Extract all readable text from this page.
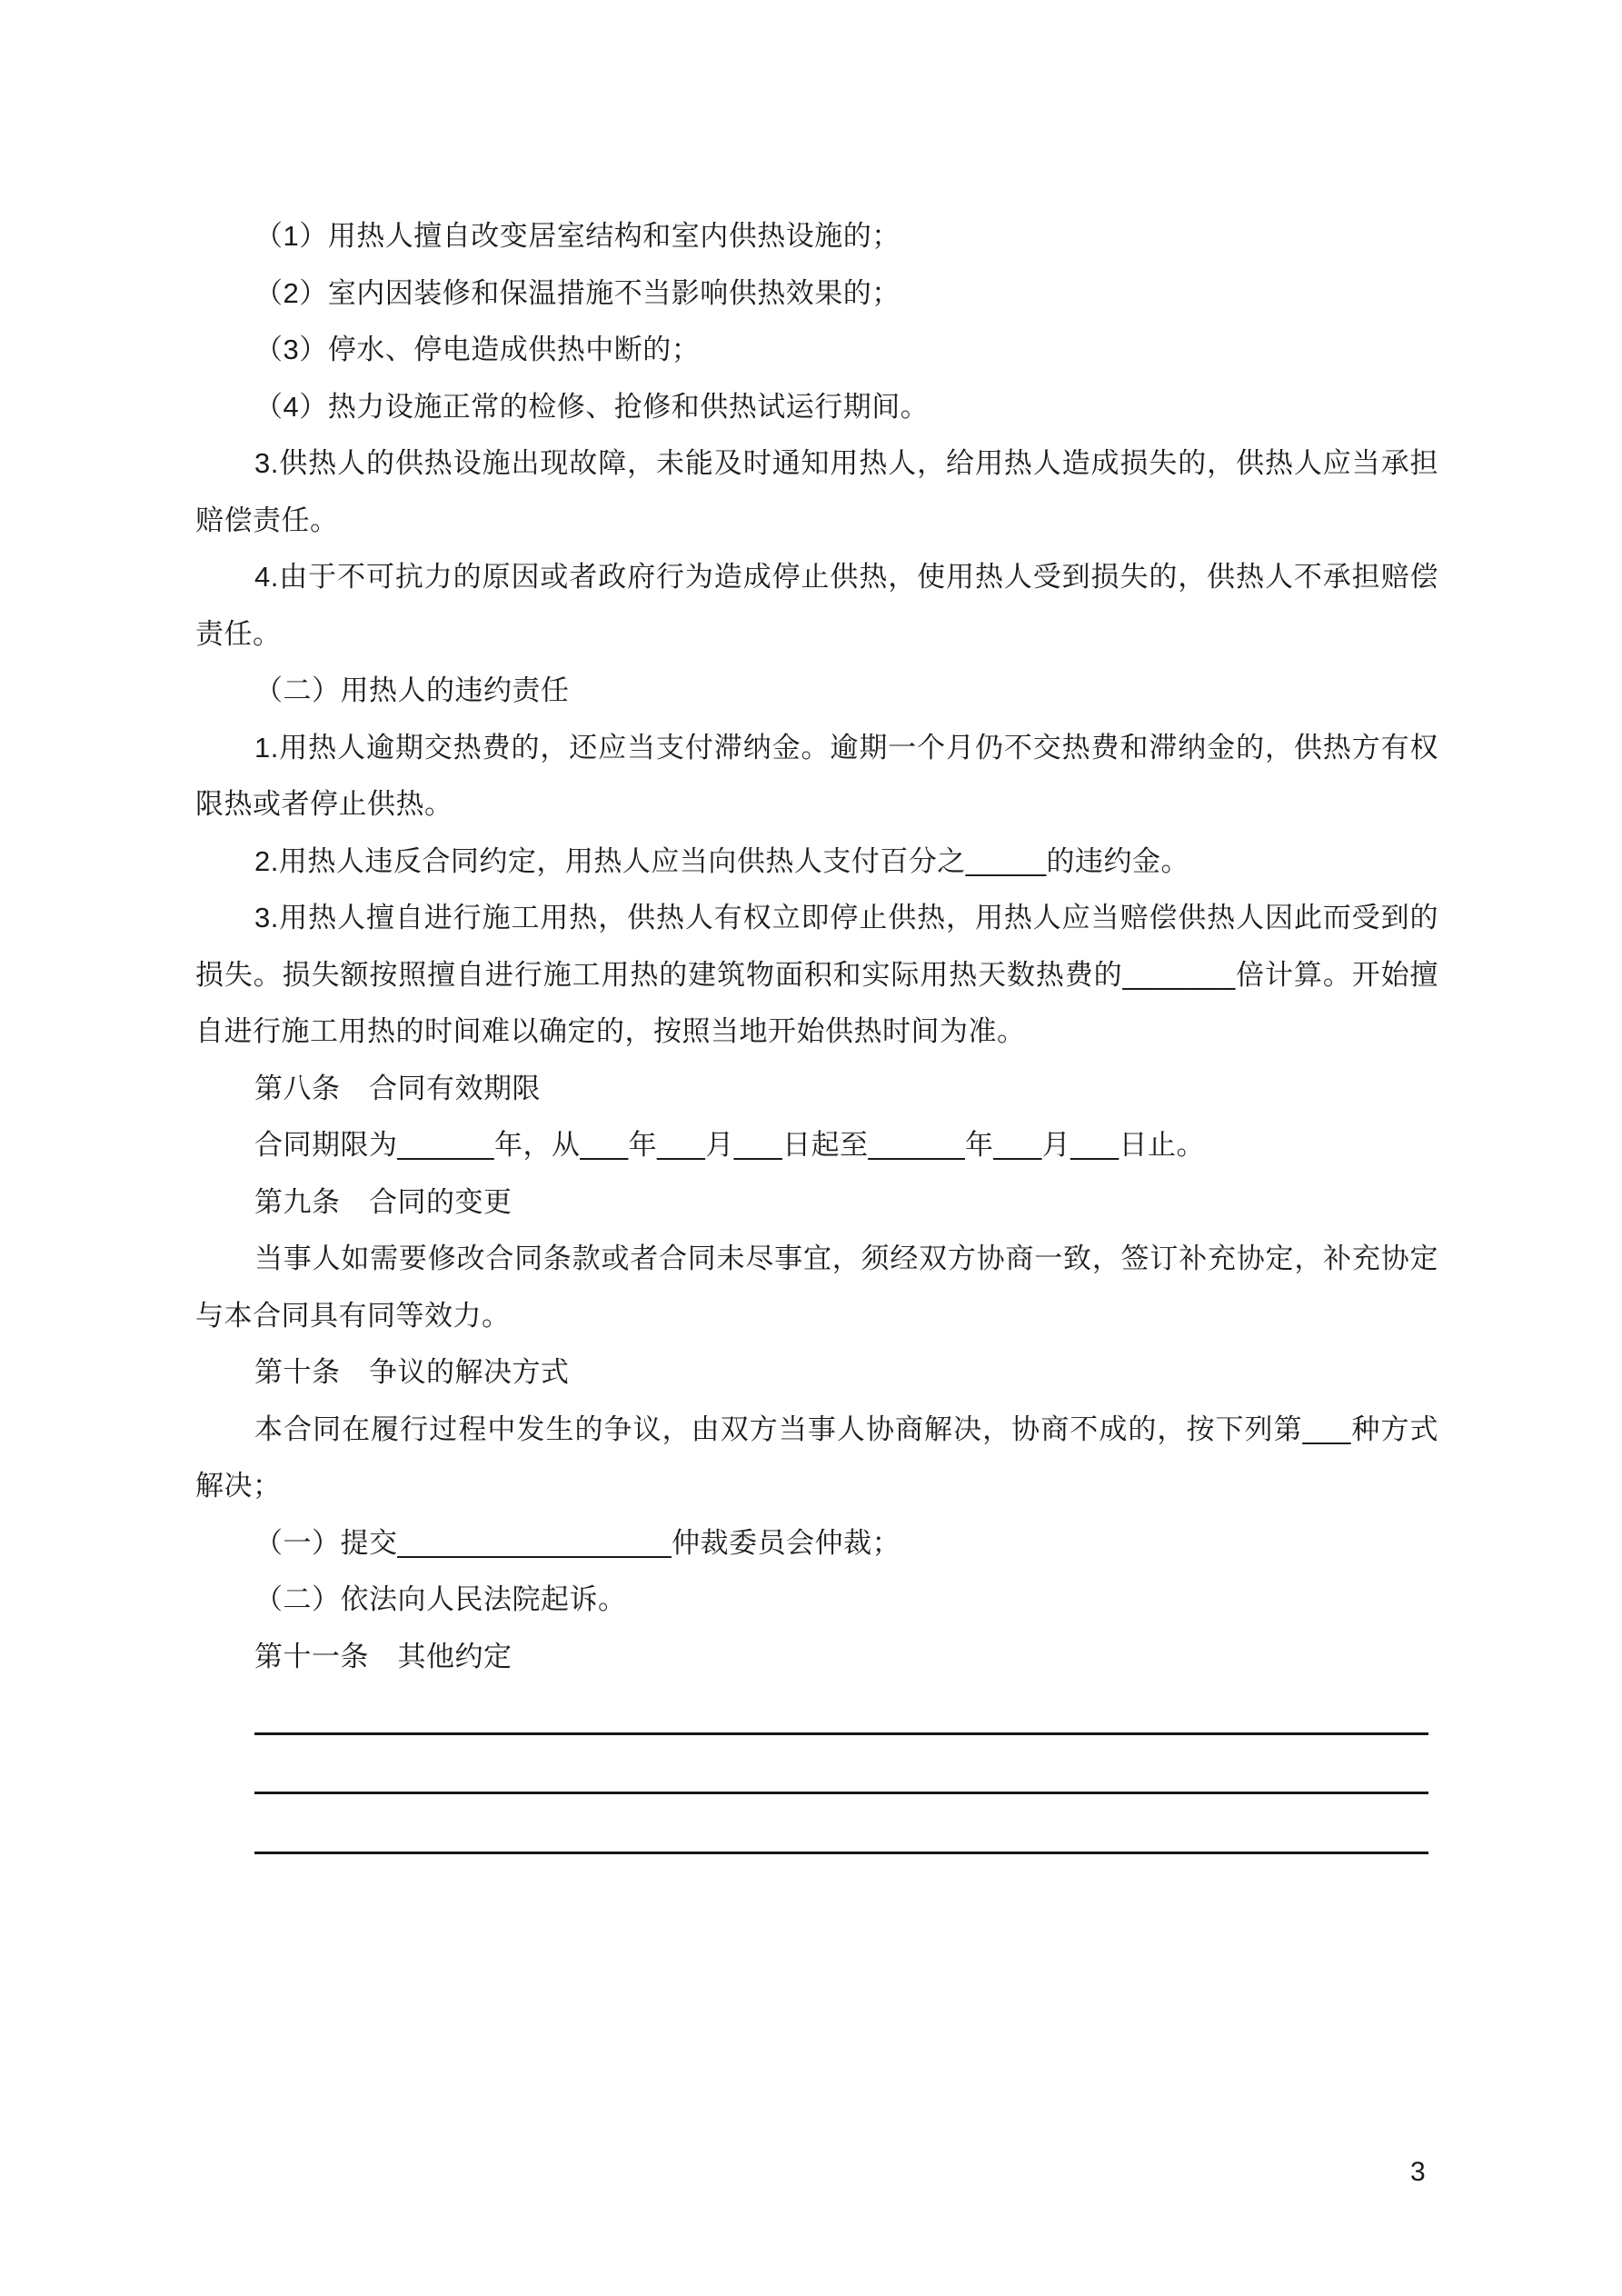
（1）用热人擅自改变居室结构和室内供热设施的；

（2）室内因装修和保温措施不当影响供热效果的；

（3）停水、停电造成供热中断的；

（4）热力设施正常的检修、抢修和供热试运行期间。

3.供热人的供热设施出现故障，未能及时通知用热人，给用热人造成损失的，供热人应当承担赔偿责任。

4.由于不可抗力的原因或者政府行为造成停止供热，使用热人受到损失的，供热人不承担赔偿责任。

（二）用热人的违约责任

1.用热人逾期交热费的，还应当支付滞纳金。逾期一个月仍不交热费和滞纳金的，供热方有权限热或者停止供热。

2.用热人违反合同约定，用热人应当向供热人支付百分之_____的违约金。

3.用热人擅自进行施工用热，供热人有权立即停止供热，用热人应当赔偿供热人因此而受到的损失。损失额按照擅自进行施工用热的建筑物面积和实际用热天数热费的_______倍计算。开始擅自进行施工用热的时间难以确定的，按照当地开始供热时间为准。

第八条　合同有效期限

合同期限为______年，从___年___月___日起至______年___月___日止。

第九条　合同的变更

当事人如需要修改合同条款或者合同未尽事宜，须经双方协商一致，签订补充协定，补充协定与本合同具有同等效力。

第十条　争议的解决方式

本合同在履行过程中发生的争议，由双方当事人协商解决，协商不成的，按下列第___种方式解决；

（一）提交_________________仲裁委员会仲裁；

（二）依法向人民法院起诉。

第十一条　其他约定

3
